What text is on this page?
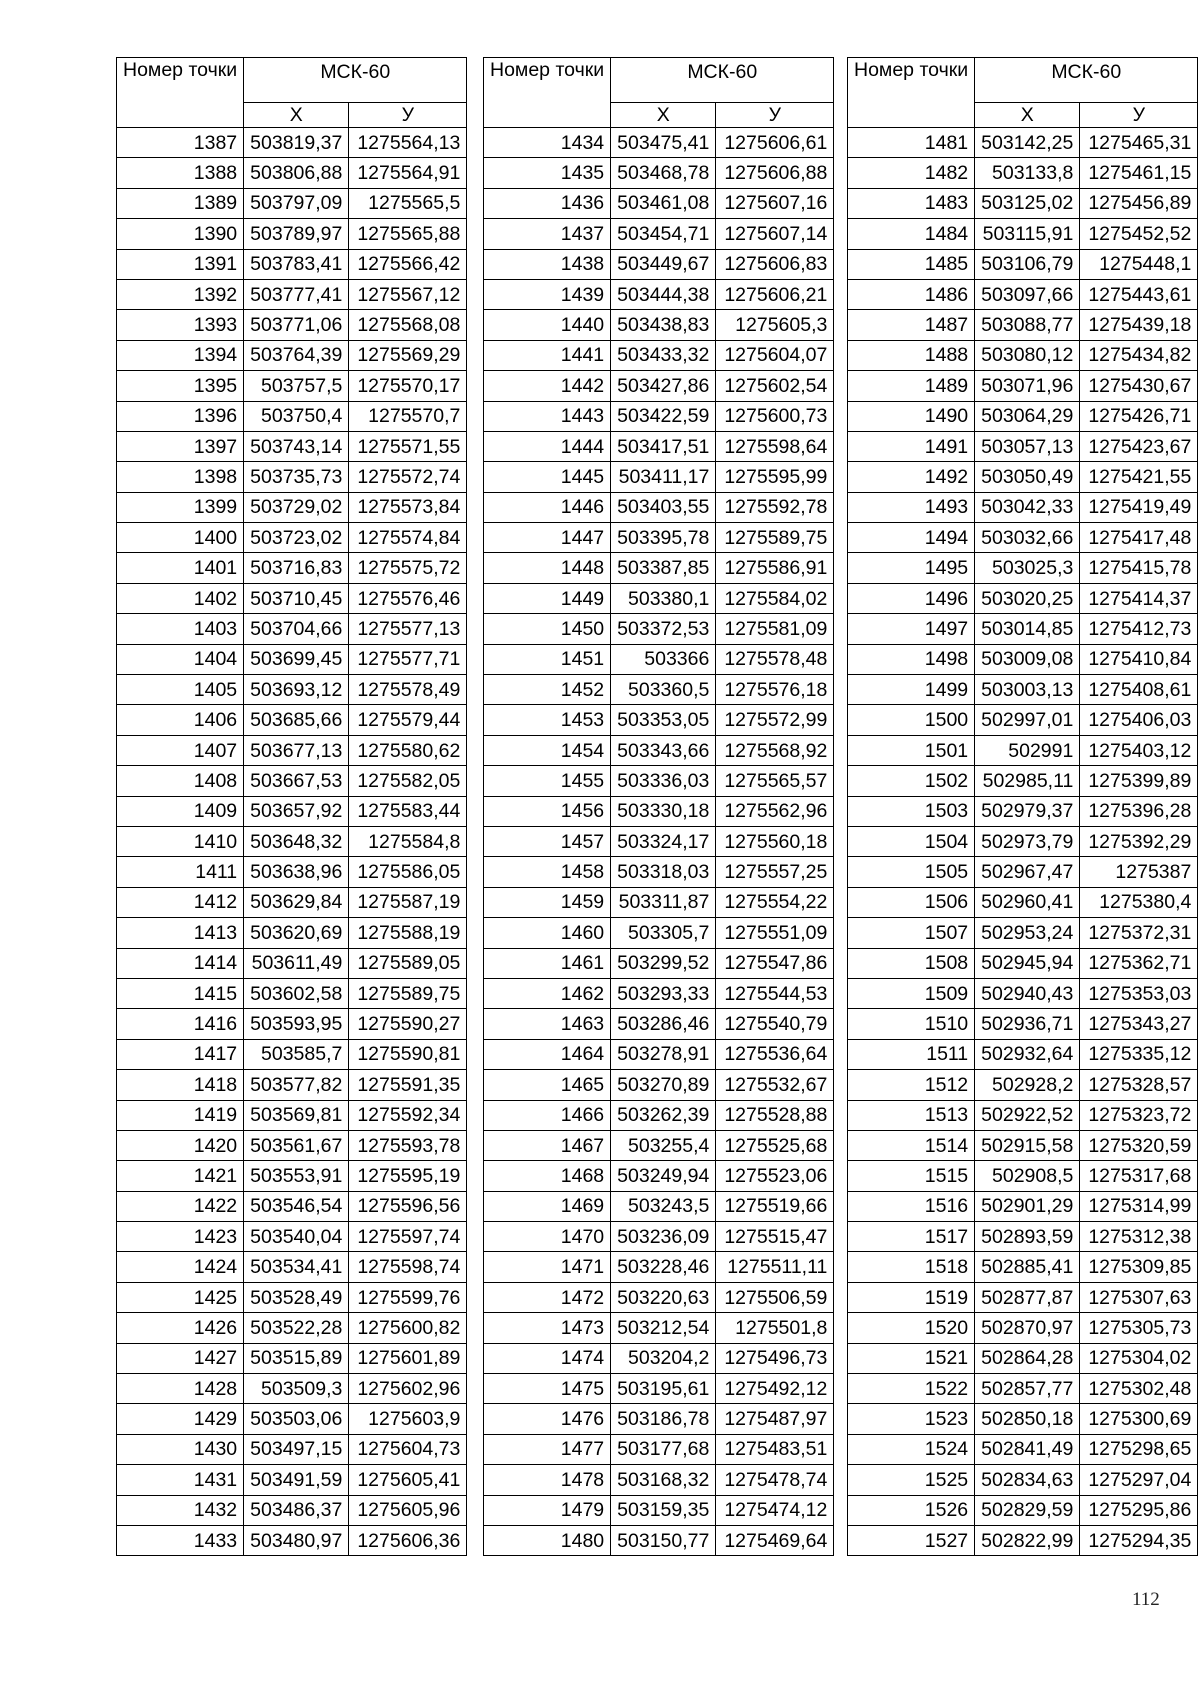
Номер точки	МСК-60	
	Х	У
1387	503819,37	1275564,13
1388	503806,88	1275564,91
1389	503797,09	1275565,5
1390	503789,97	1275565,88
1391	503783,41	1275566,42
1392	503777,41	1275567,12
1393	503771,06	1275568,08
1394	503764,39	1275569,29
1395	503757,5	1275570,17
1396	503750,4	1275570,7
1397	503743,14	1275571,55
1398	503735,73	1275572,74
1399	503729,02	1275573,84
1400	503723,02	1275574,84
1401	503716,83	1275575,72
1402	503710,45	1275576,46
1403	503704,66	1275577,13
1404	503699,45	1275577,71
1405	503693,12	1275578,49
1406	503685,66	1275579,44
1407	503677,13	1275580,62
1408	503667,53	1275582,05
1409	503657,92	1275583,44
1410	503648,32	1275584,8
1411	503638,96	1275586,05
1412	503629,84	1275587,19
1413	503620,69	1275588,19
1414	503611,49	1275589,05
1415	503602,58	1275589,75
1416	503593,95	1275590,27
1417	503585,7	1275590,81
1418	503577,82	1275591,35
1419	503569,81	1275592,34
1420	503561,67	1275593,78
1421	503553,91	1275595,19
1422	503546,54	1275596,56
1423	503540,04	1275597,74
1424	503534,41	1275598,74
1425	503528,49	1275599,76
1426	503522,28	1275600,82
1427	503515,89	1275601,89
1428	503509,3	1275602,96
1429	503503,06	1275603,9
1430	503497,15	1275604,73
1431	503491,59	1275605,41
1432	503486,37	1275605,96
1433	503480,97	1275606,36
Номер точки	МСК-60	
	Х	У
1434	503475,41	1275606,61
1435	503468,78	1275606,88
1436	503461,08	1275607,16
1437	503454,71	1275607,14
1438	503449,67	1275606,83
1439	503444,38	1275606,21
1440	503438,83	1275605,3
1441	503433,32	1275604,07
1442	503427,86	1275602,54
1443	503422,59	1275600,73
1444	503417,51	1275598,64
1445	503411,17	1275595,99
1446	503403,55	1275592,78
1447	503395,78	1275589,75
1448	503387,85	1275586,91
1449	503380,1	1275584,02
1450	503372,53	1275581,09
1451	503366	1275578,48
1452	503360,5	1275576,18
1453	503353,05	1275572,99
1454	503343,66	1275568,92
1455	503336,03	1275565,57
1456	503330,18	1275562,96
1457	503324,17	1275560,18
1458	503318,03	1275557,25
1459	503311,87	1275554,22
1460	503305,7	1275551,09
1461	503299,52	1275547,86
1462	503293,33	1275544,53
1463	503286,46	1275540,79
1464	503278,91	1275536,64
1465	503270,89	1275532,67
1466	503262,39	1275528,88
1467	503255,4	1275525,68
1468	503249,94	1275523,06
1469	503243,5	1275519,66
1470	503236,09	1275515,47
1471	503228,46	1275511,11
1472	503220,63	1275506,59
1473	503212,54	1275501,8
1474	503204,2	1275496,73
1475	503195,61	1275492,12
1476	503186,78	1275487,97
1477	503177,68	1275483,51
1478	503168,32	1275478,74
1479	503159,35	1275474,12
1480	503150,77	1275469,64
Номер точки	МСК-60	
	Х	У
1481	503142,25	1275465,31
1482	503133,8	1275461,15
1483	503125,02	1275456,89
1484	503115,91	1275452,52
1485	503106,79	1275448,1
1486	503097,66	1275443,61
1487	503088,77	1275439,18
1488	503080,12	1275434,82
1489	503071,96	1275430,67
1490	503064,29	1275426,71
1491	503057,13	1275423,67
1492	503050,49	1275421,55
1493	503042,33	1275419,49
1494	503032,66	1275417,48
1495	503025,3	1275415,78
1496	503020,25	1275414,37
1497	503014,85	1275412,73
1498	503009,08	1275410,84
1499	503003,13	1275408,61
1500	502997,01	1275406,03
1501	502991	1275403,12
1502	502985,11	1275399,89
1503	502979,37	1275396,28
1504	502973,79	1275392,29
1505	502967,47	1275387
1506	502960,41	1275380,4
1507	502953,24	1275372,31
1508	502945,94	1275362,71
1509	502940,43	1275353,03
1510	502936,71	1275343,27
1511	502932,64	1275335,12
1512	502928,2	1275328,57
1513	502922,52	1275323,72
1514	502915,58	1275320,59
1515	502908,5	1275317,68
1516	502901,29	1275314,99
1517	502893,59	1275312,38
1518	502885,41	1275309,85
1519	502877,87	1275307,63
1520	502870,97	1275305,73
1521	502864,28	1275304,02
1522	502857,77	1275302,48
1523	502850,18	1275300,69
1524	502841,49	1275298,65
1525	502834,63	1275297,04
1526	502829,59	1275295,86
1527	502822,99	1275294,35
112
